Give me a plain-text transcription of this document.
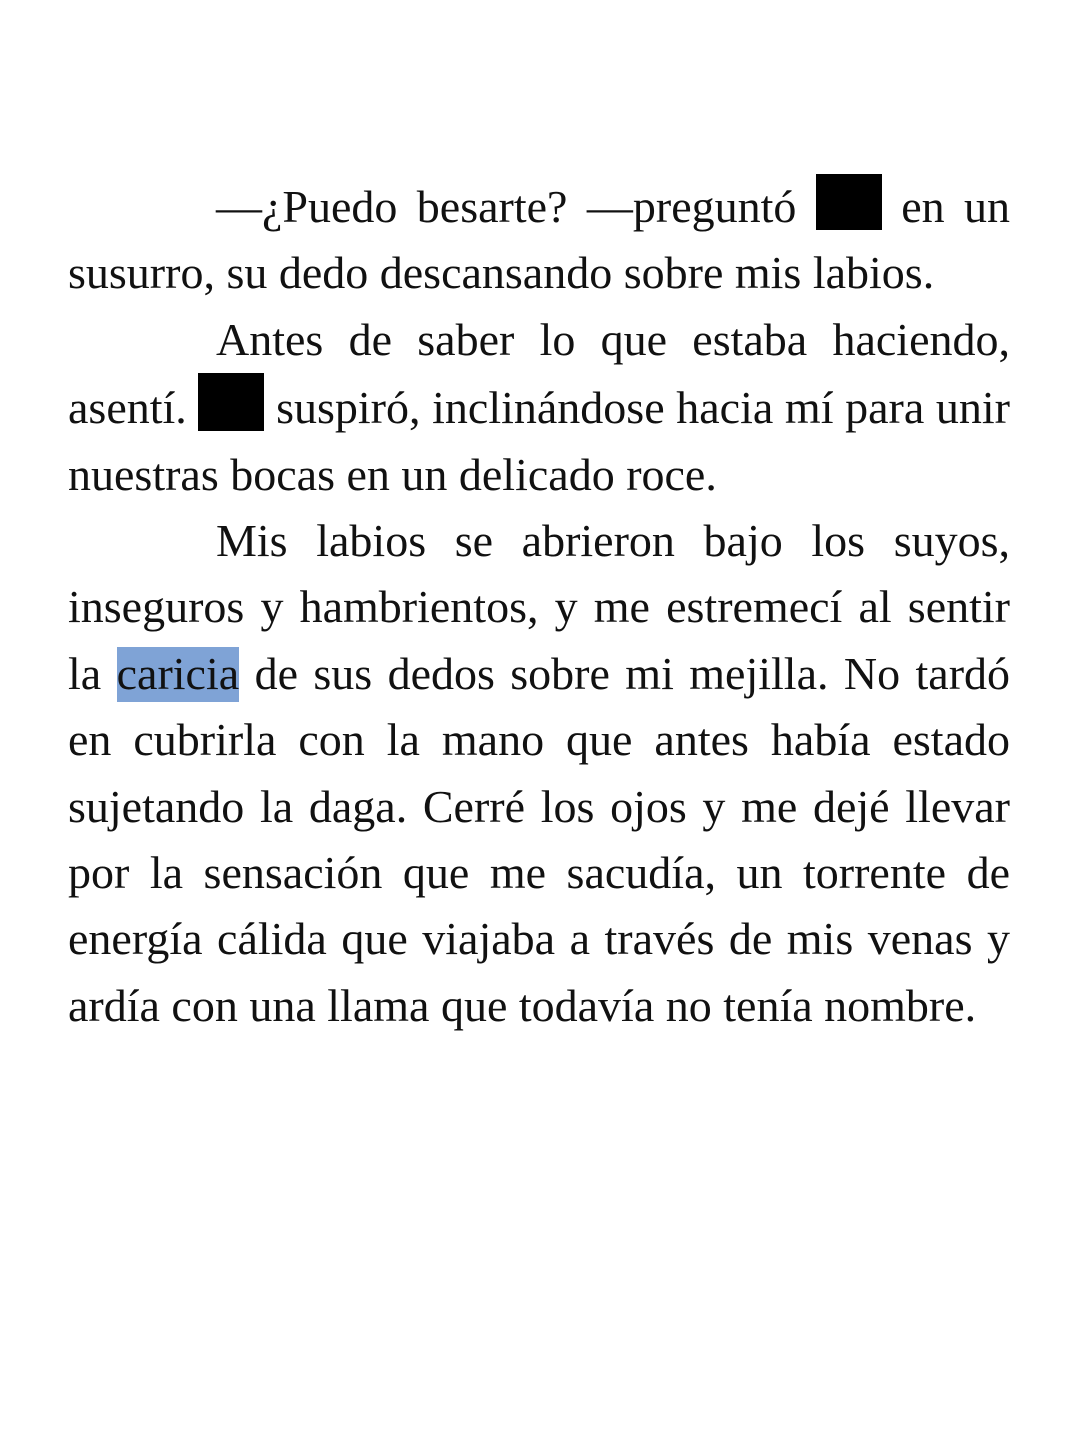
—¿Puedo besarte? —preguntó en un susurro, su dedo descansando sobre mis labios.

Antes de saber lo que estaba haciendo, asentí. suspiró, inclinándose hacia mí para unir nuestras bocas en un delicado roce.

Mis labios se abrieron bajo los suyos, inseguros y hambrientos, y me estremecí al sentir la caricia de sus dedos sobre mi mejilla. No tardó en cubrirla con la mano que antes había estado sujetando la daga. Cerré los ojos y me dejé llevar por la sensación que me sacudía, un torrente de energía cálida que viajaba a través de mis venas y ardía con una llama que todavía no tenía nombre.
